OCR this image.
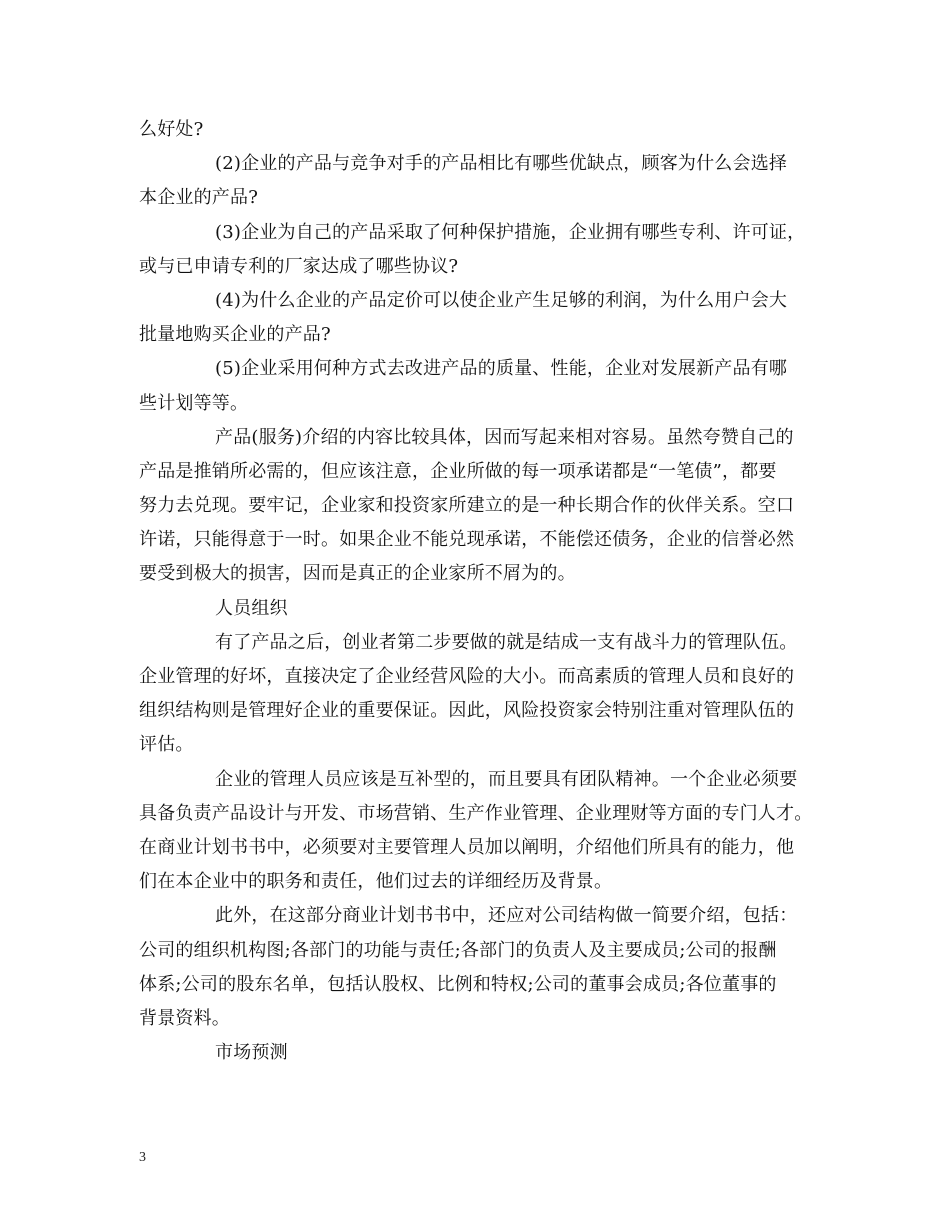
么好处?
(2)企业的产品与竞争对手的产品相比有哪些优缺点，顾客为什么会选择
本企业的产品?
(3)企业为自己的产品采取了何种保护措施，企业拥有哪些专利、许可证，
或与已申请专利的厂家达成了哪些协议?
(4)为什么企业的产品定价可以使企业产生足够的利润，为什么用户会大
批量地购买企业的产品?
(5)企业采用何种方式去改进产品的质量、性能，企业对发展新产品有哪
些计划等等。
产品(服务)介绍的内容比较具体，因而写起来相对容易。虽然夸赞自己的
产品是推销所必需的，但应该注意，企业所做的每一项承诺都是“一笔债”，都要
努力去兑现。要牢记，企业家和投资家所建立的是一种长期合作的伙伴关系。空口
许诺，只能得意于一时。如果企业不能兑现承诺，不能偿还债务，企业的信誉必然
要受到极大的损害，因而是真正的企业家所不屑为的。
人员组织
有了产品之后，创业者第二步要做的就是结成一支有战斗力的管理队伍。
企业管理的好坏，直接决定了企业经营风险的大小。而高素质的管理人员和良好的
组织结构则是管理好企业的重要保证。因此，风险投资家会特别注重对管理队伍的
评估。
企业的管理人员应该是互补型的，而且要具有团队精神。一个企业必须要
具备负责产品设计与开发、市场营销、生产作业管理、企业理财等方面的专门人才。
在商业计划书书中，必须要对主要管理人员加以阐明，介绍他们所具有的能力，他
们在本企业中的职务和责任，他们过去的详细经历及背景。
此外，在这部分商业计划书书中，还应对公司结构做一简要介绍，包括：
公司的组织机构图;各部门的功能与责任;各部门的负责人及主要成员;公司的报酬
体系;公司的股东名单，包括认股权、比例和特权;公司的董事会成员;各位董事的
背景资料。
市场预测
3
